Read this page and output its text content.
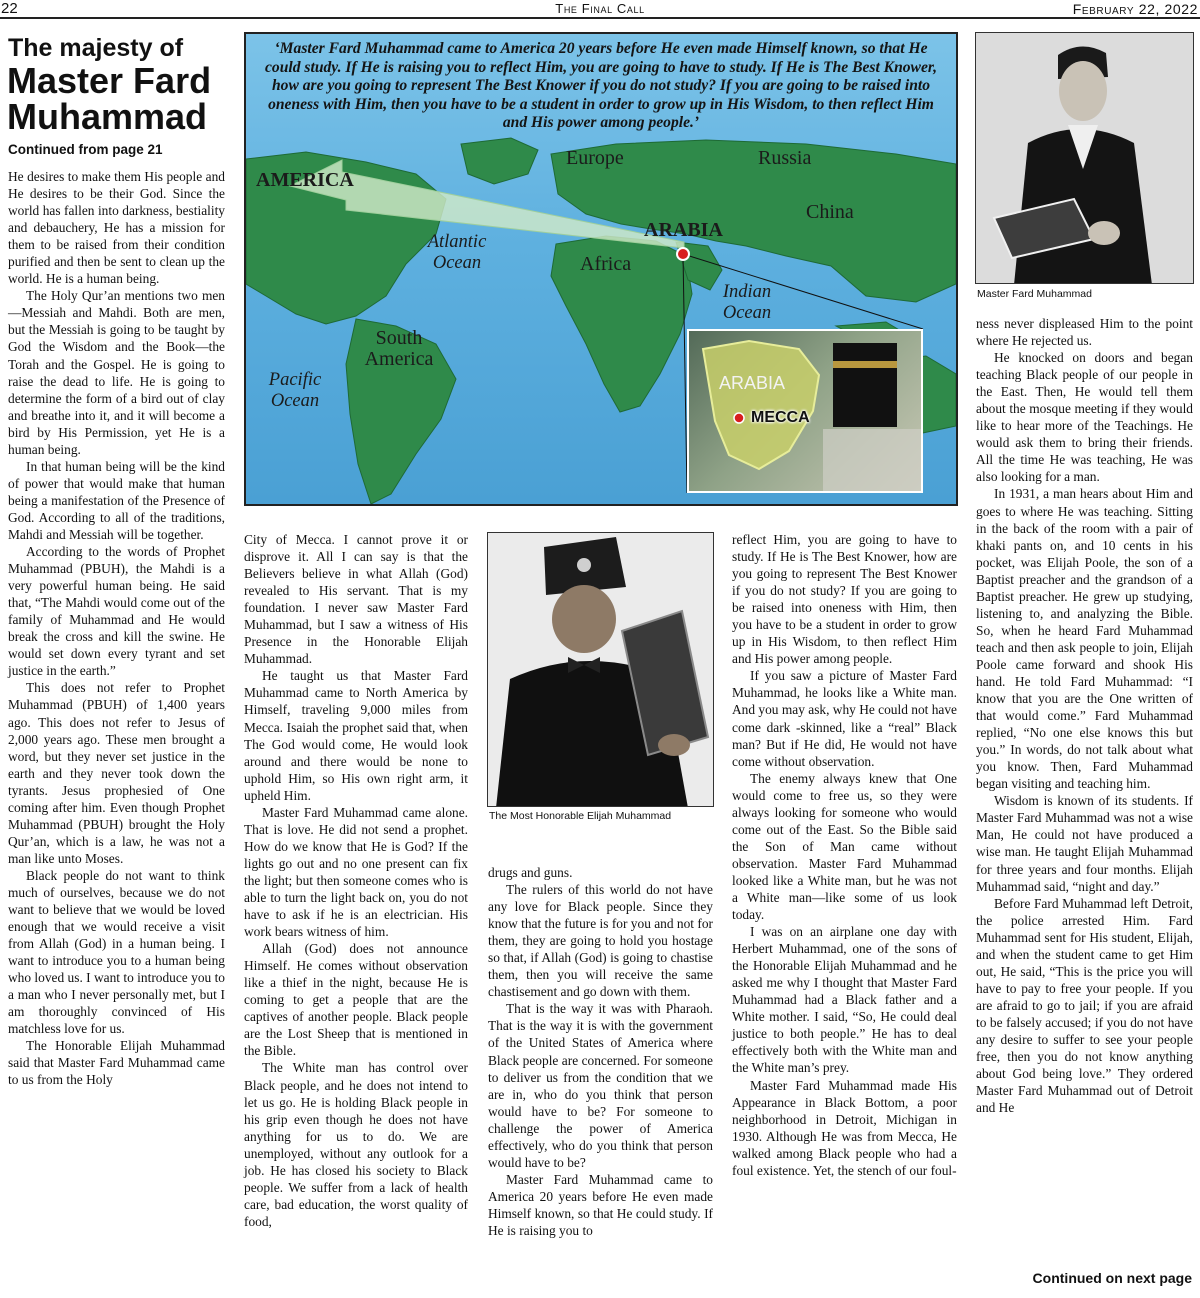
22	The Final Call	February 22, 2022
The majesty of
Master Fard Muhammad
Continued from page 21
‘Master Fard Muhammad came to America 20 years before He even made Himself known, so that He could study. If He is raising you to reflect Him, you are going to have to study. If He is The Best Knower, how are you going to represent The Best Knower if you do not study? If you are going to be raised into oneness with Him, then you have to be a student in order to grow up in His Wisdom, to then reflect Him and His power among people.’
AMERICA
Europe	Russia
China
ARABIA
Atlantic Ocean	Africa
Indian Ocean
South America
Pacific Ocean
ARABIA
MECCA
Master Fard Muhammad
The Most Honorable Elijah Muhammad

He desires to make them His people and He desires to be their God. Since the world has fallen into darkness, bestiality and debauchery, He has a mission for them to be raised from their condition purified and then be sent to clean up the world. He is a human being.

The Holy Qur’an mentions two men—Messiah and Mahdi. Both are men, but the Messiah is going to be taught by God the Wisdom and the Book—the Torah and the Gospel. He is going to raise the dead to life. He is going to determine the form of a bird out of clay and breathe into it, and it will become a bird by His Permission, yet He is a human being.

In that human being will be the kind of power that would make that human being a manifestation of the Presence of God. According to all of the traditions, Mahdi and Messiah will be together.

According to the words of Prophet Muhammad (PBUH), the Mahdi is a very powerful human being. He said that, “The Mahdi would come out of the family of Muhammad and He would break the cross and kill the swine. He would set down every tyrant and set justice in the earth.”

This does not refer to Prophet Muhammad (PBUH) of 1,400 years ago. This does not refer to Jesus of 2,000 years ago. These men brought a word, but they never set justice in the earth and they never took down the tyrants. Jesus prophesied of One coming after him. Even though Prophet Muhammad (PBUH) brought the Holy Qur’an, which is a law, he was not a man like unto Moses.

Black people do not want to think much of ourselves, because we do not want to believe that we would be loved enough that we would receive a visit from Allah (God) in a human being. I want to introduce you to a human being who loved us. I want to introduce you to a man who I never personally met, but I am thoroughly convinced of His matchless love for us.

The Honorable Elijah Muhammad said that Master Fard Muhammad came to us from the Holy

City of Mecca. I cannot prove it or disprove it. All I can say is that the Believers believe in what Allah (God) revealed to His servant. That is my foundation. I never saw Master Fard Muhammad, but I saw a witness of His Presence in the Honorable Elijah Muhammad.

He taught us that Master Fard Muhammad came to North America by Himself, traveling 9,000 miles from Mecca. Isaiah the prophet said that, when The God would come, He would look around and there would be none to uphold Him, so His own right arm, it upheld Him.

Master Fard Muhammad came alone. That is love. He did not send a prophet. How do we know that He is God? If the lights go out and no one present can fix the light; but then someone comes who is able to turn the light back on, you do not have to ask if he is an electrician. His work bears witness of him.

Allah (God) does not announce Himself. He comes without observation like a thief in the night, because He is coming to get a people that are the captives of another people. Black people are the Lost Sheep that is mentioned in the Bible.

The White man has control over Black people, and he does not intend to let us go. He is holding Black people in his grip even though he does not have anything for us to do. We are unemployed, without any outlook for a job. He has closed his society to Black people. We suffer from a lack of health care, bad education, the worst quality of food,

drugs and guns.

The rulers of this world do not have any love for Black people. Since they know that the future is for you and not for them, they are going to hold you hostage so that, if Allah (God) is going to chastise them, then you will receive the same chastisement and go down with them.

That is the way it was with Pharaoh. That is the way it is with the government of the United States of America where Black people are concerned. For someone to deliver us from the condition that we are in, who do you think that person would have to be? For someone to challenge the power of America effectively, who do you think that person would have to be?

Master Fard Muhammad came to America 20 years before He even made Himself known, so that He could study. If He is raising you to

reflect Him, you are going to have to study. If He is The Best Knower, how are you going to represent The Best Knower if you do not study? If you are going to be raised into oneness with Him, then you have to be a student in order to grow up in His Wisdom, to then reflect Him and His power among people.

If you saw a picture of Master Fard Muhammad, he looks like a White man. And you may ask, why He could not have come dark -skinned, like a “real” Black man? But if He did, He would not have come without observation.

The enemy always knew that One would come to free us, so they were always looking for someone who would come out of the East. So the Bible said the Son of Man came without observation. Master Fard Muhammad looked like a White man, but he was not a White man—like some of us look today.

I was on an airplane one day with Herbert Muhammad, one of the sons of the Honorable Elijah Muhammad and he asked me why I thought that Master Fard Muhammad had a Black father and a White mother. I said, “So, He could deal justice to both people.” He has to deal effectively both with the White man and the White man’s prey.

Master Fard Muhammad made His Appearance in Black Bottom, a poor neighborhood in Detroit, Michigan in 1930. Although He was from Mecca, He walked among Black people who had a foul existence. Yet, the stench of our foul-

ness never displeased Him to the point where He rejected us.

He knocked on doors and began teaching Black people of our people in the East. Then, He would tell them about the mosque meeting if they would like to hear more of the Teachings. He would ask them to bring their friends. All the time He was teaching, He was also looking for a man.

In 1931, a man hears about Him and goes to where He was teaching. Sitting in the back of the room with a pair of khaki pants on, and 10 cents in his pocket, was Elijah Poole, the son of a Baptist preacher and the grandson of a Baptist preacher. He grew up studying, listening to, and analyzing the Bible. So, when he heard Fard Muhammad teach and then ask people to join, Elijah Poole came forward and shook His hand. He told Fard Muhammad: “I know that you are the One written of that would come.” Fard Muhammad replied, “No one else knows this but you.” In words, do not talk about what you know. Then, Fard Muhammad began visiting and teaching him.

Wisdom is known of its students. If Master Fard Muhammad was not a wise Man, He could not have produced a wise man. He taught Elijah Muhammad for three years and four months. Elijah Muhammad said, “night and day.”

Before Fard Muhammad left Detroit, the police arrested Him. Fard Muhammad sent for His student, Elijah, and when the student came to get Him out, He said, “This is the price you will have to pay to free your people. If you are afraid to go to jail; if you are afraid to be falsely accused; if you do not have any desire to suffer to see your people free, then you do not know anything about God being love.” They ordered Master Fard Muhammad out of Detroit and He

Continued on next page
